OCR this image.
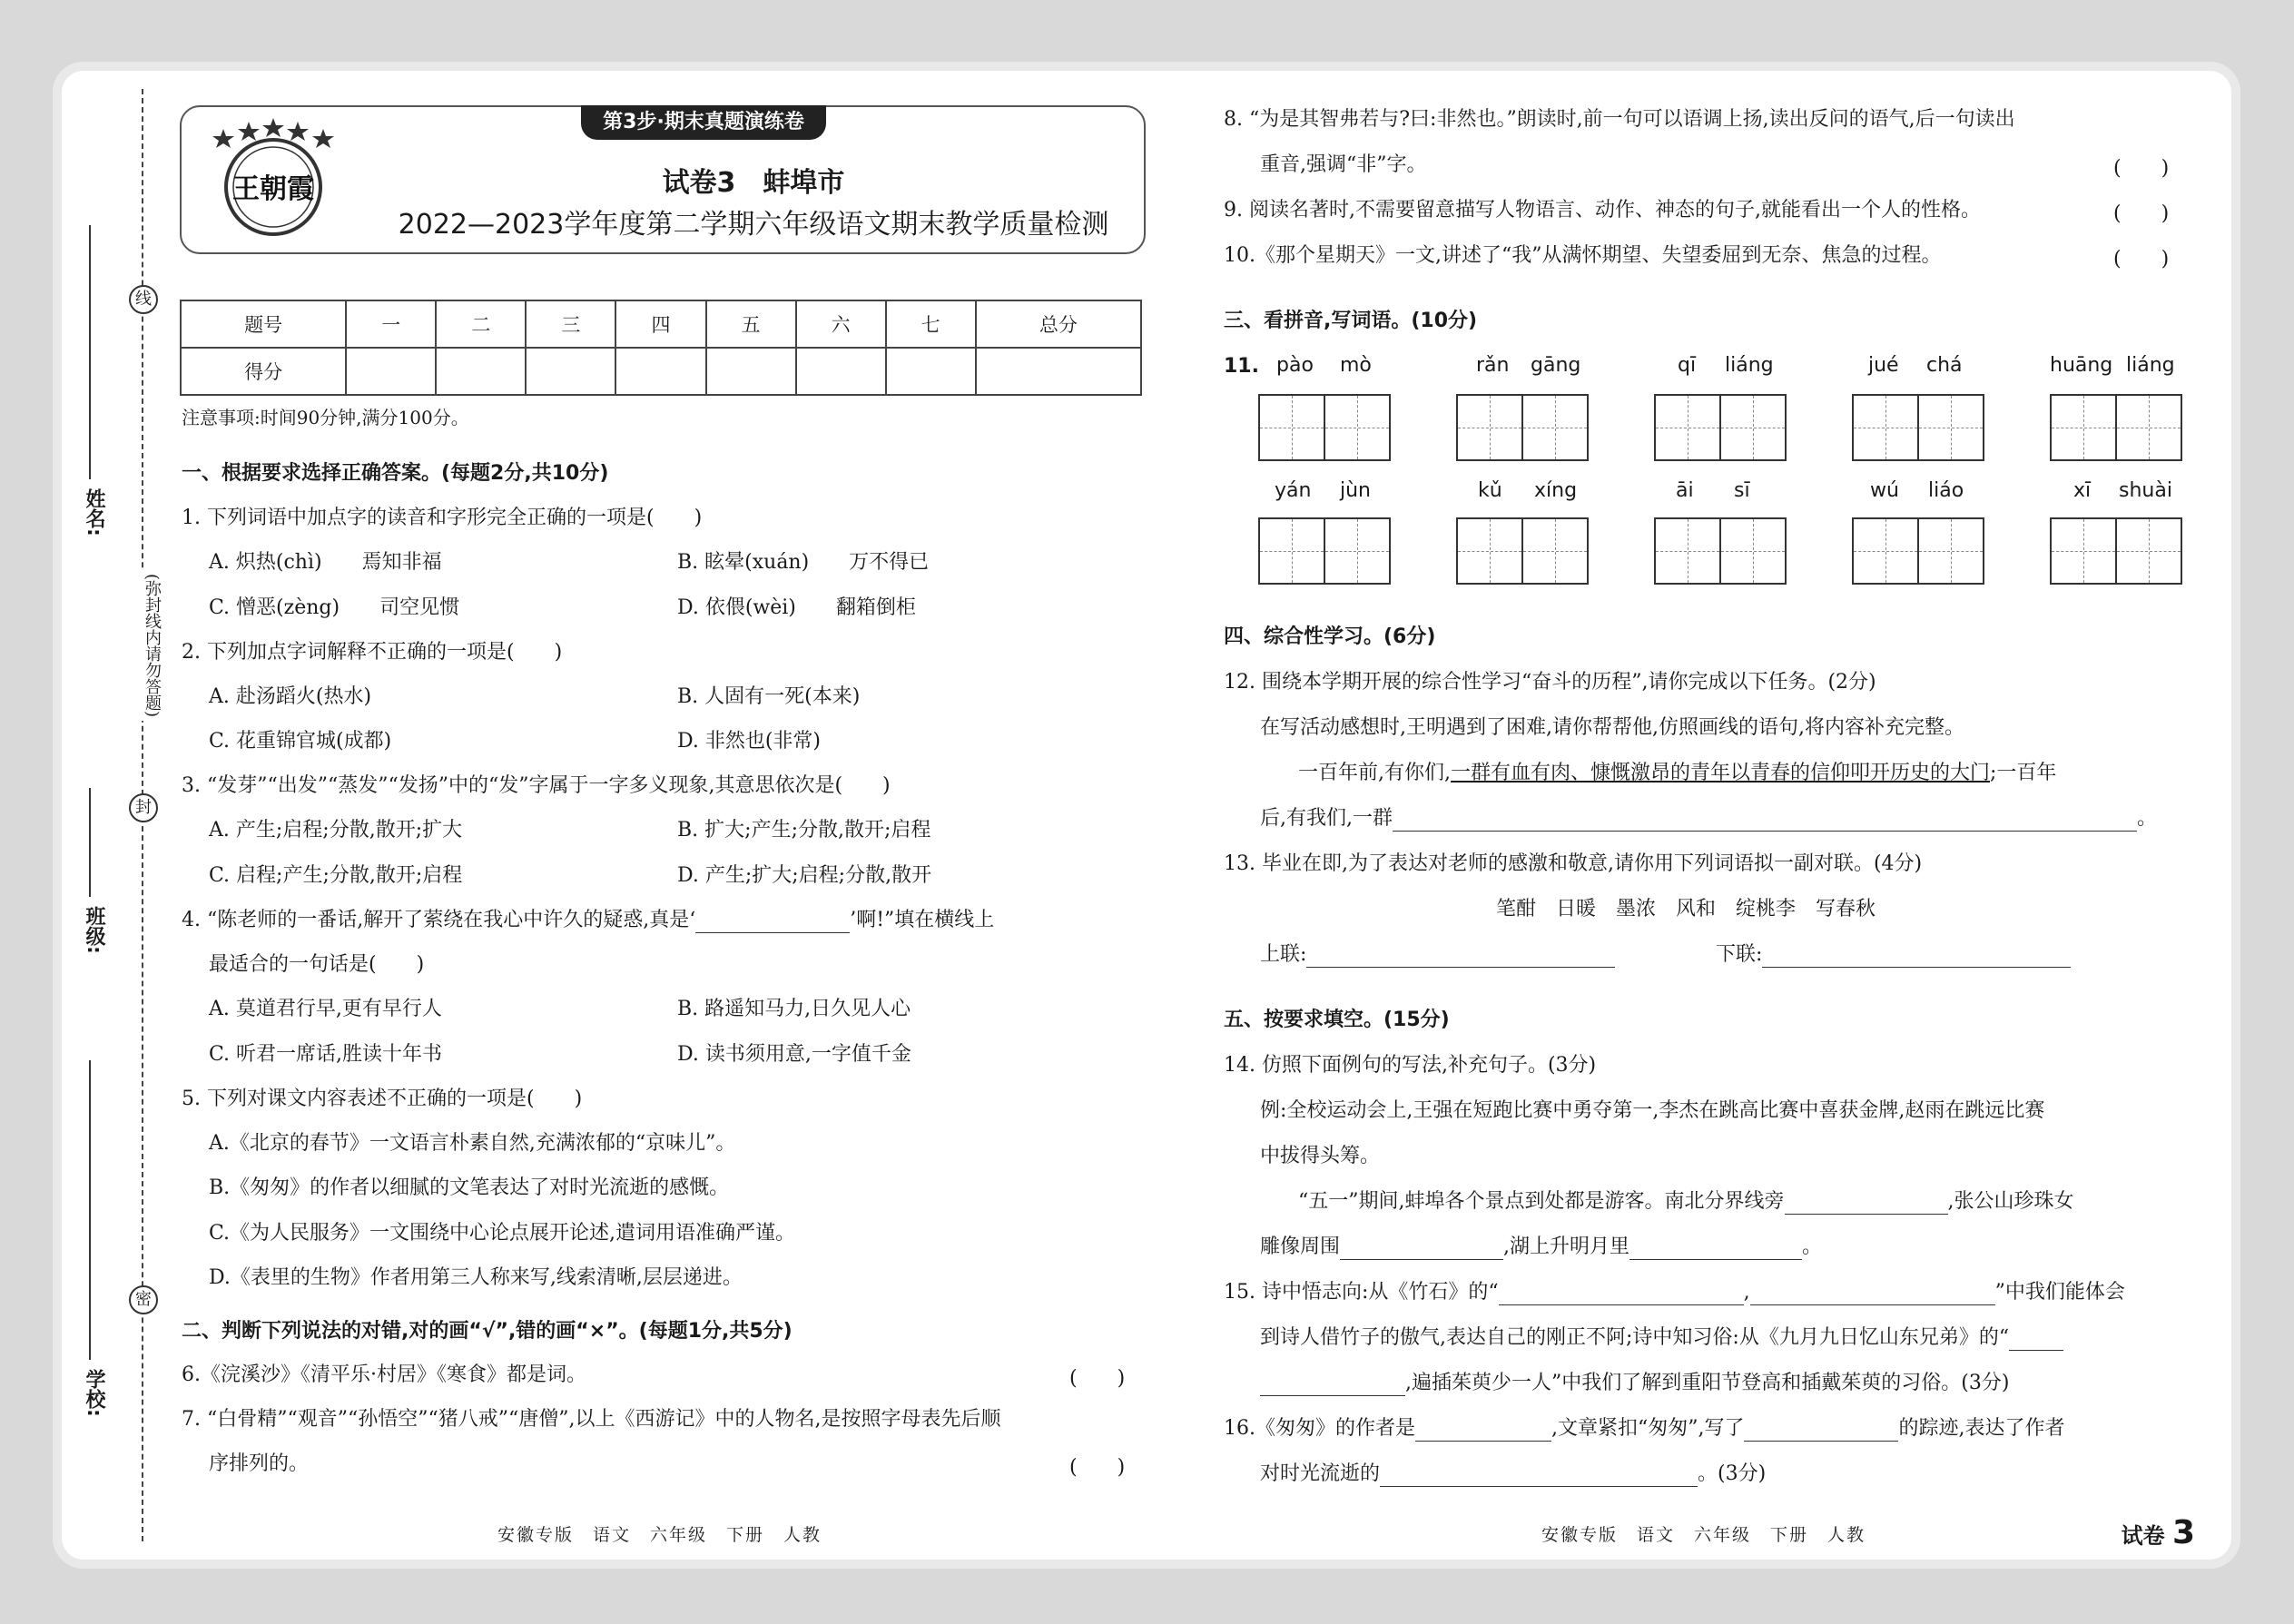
线
封
密
(弥封线内请勿答题)
姓名:
班级:
学校:
王朝霞
第3步·期末真题演练卷
试卷3　蚌埠市
2022—2023学年度第二学期六年级语文期末教学质量检测
题号	一	二	三	四	五	六	七	总分
得分								
注意事项:时间90分钟,满分100分。
一、根据要求选择正确答案。(每题2分,共10分)
1. 下列词语中加点字的读音和字形完全正确的一项是(　　)
A. 炽热(chì)　　焉知非福	B. 眩晕(xuán)　　万不得已
C. 憎恶(zèng)　　司空见惯	D. 依偎(wèi)　　翻箱倒柜
2. 下列加点字词解释不正确的一项是(　　)
A. 赴汤蹈火(热水)	B. 人固有一死(本来)
C. 花重锦官城(成都)	D. 非然也(非常)
3. “发芽”“出发”“蒸发”“发扬”中的“发”字属于一字多义现象,其意思依次是(　　)
A. 产生;启程;分散,散开;扩大	B. 扩大;产生;分散,散开;启程
C. 启程;产生;分散,散开;启程	D. 产生;扩大;启程;分散,散开
4. “陈老师的一番话,解开了萦绕在我心中许久的疑惑,真是‘	’啊!”填在横线上
最适合的一句话是(　　)
A. 莫道君行早,更有早行人	B. 路遥知马力,日久见人心
C. 听君一席话,胜读十年书	D. 读书须用意,一字值千金
5. 下列对课文内容表述不正确的一项是(　　)
A.《北京的春节》一文语言朴素自然,充满浓郁的“京味儿”。
B.《匆匆》的作者以细腻的文笔表达了对时光流逝的感慨。
C.《为人民服务》一文围绕中心论点展开论述,遣词用语准确严谨。
D.《表里的生物》作者用第三人称来写,线索清晰,层层递进。
二、判断下列说法的对错,对的画“√”,错的画“×”。(每题1分,共5分)
6.《浣溪沙》《清平乐·村居》《寒食》都是词。	(　　)
7. “白骨精”“观音”“孙悟空”“猪八戒”“唐僧”,以上《西游记》中的人物名,是按照字母表先后顺
序排列的。	(　　)
安徽专版　语文　六年级　下册　人教
8. “为是其智弗若与?曰:非然也。”朗读时,前一句可以语调上扬,读出反问的语气,后一句读出
重音,强调“非”字。	(　　)
9. 阅读名著时,不需要留意描写人物语言、动作、神态的句子,就能看出一个人的性格。	(　　)
10.《那个星期天》一文,讲述了“我”从满怀期望、失望委屈到无奈、焦急的过程。	(　　)
三、看拼音,写词语。(10分)
11. pào mò	rǎn gāng	qī liáng	jué chá	huāng liáng
yán jùn	kǔ xíng	āi sī	wú liáo	xī shuài
四、综合性学习。(6分)
12. 围绕本学期开展的综合性学习“奋斗的历程”,请你完成以下任务。(2分)
在写活动感想时,王明遇到了困难,请你帮帮他,仿照画线的语句,将内容补充完整。
一百年前,有你们,一群有血有肉、慷慨激昂的青年以青春的信仰叩开历史的大门;一百年
后,有我们,一群	。
13. 毕业在即,为了表达对老师的感激和敬意,请你用下列词语拟一副对联。(4分)
笔酣　日暖　墨浓　风和　绽桃李　写春秋
上联:	下联:
五、按要求填空。(15分)
14. 仿照下面例句的写法,补充句子。(3分)
例:全校运动会上,王强在短跑比赛中勇夺第一,李杰在跳高比赛中喜获金牌,赵雨在跳远比赛
中拔得头筹。
“五一”期间,蚌埠各个景点到处都是游客。南北分界线旁	,张公山珍珠女
雕像周围	,湖上升明月里	。
15. 诗中悟志向:从《竹石》的“	,	”中我们能体会
到诗人借竹子的傲气,表达自己的刚正不阿;诗中知习俗:从《九月九日忆山东兄弟》的“
,遍插茱萸少一人”中我们了解到重阳节登高和插戴茱萸的习俗。(3分)
16.《匆匆》的作者是	,文章紧扣“匆匆”,写了	的踪迹,表达了作者
对时光流逝的	。(3分)
安徽专版　语文　六年级　下册　人教	试卷 3
